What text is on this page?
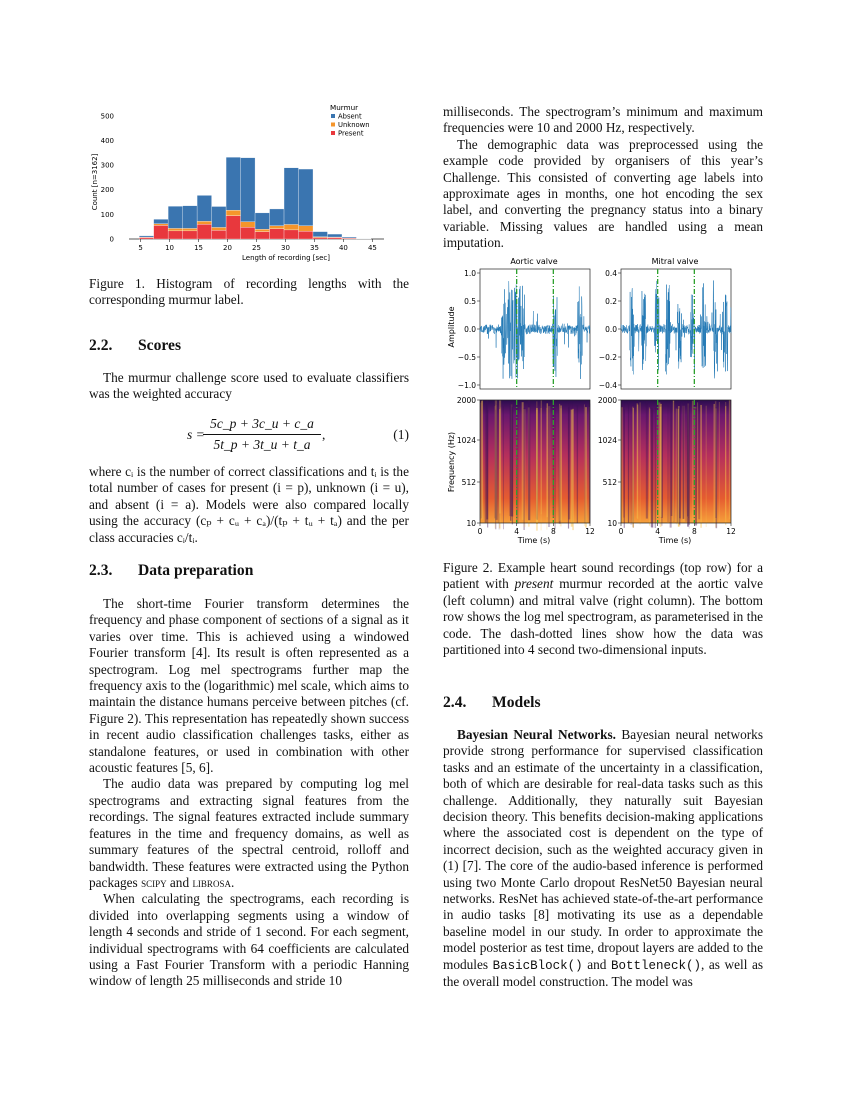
5	10	15	20	25	30	35	40	45
0
100
200
300
400
500
Murmur
Absent
Unknown
Present
Length of recording [sec]
Count [n=3162]
Figure 1. Histogram of recording lengths with the corresponding murmur label.
2.2. Scores

The murmur challenge score used to evaluate classifiers was the weighted accuracy

s =
5c_p + 3c_u + c_a
5t_p + 3t_u + t_a
,	(1)

where cᵢ is the number of correct classifications and tᵢ is the total number of cases for present (i = p), unknown (i = u), and absent (i = a). Models were also compared locally using the accuracy (cₚ + cᵤ + cₐ)/(tₚ + tᵤ + tₐ) and the per class accuracies cᵢ/tᵢ.

2.3. Data preparation

The short-time Fourier transform determines the frequency and phase component of sections of a signal as it varies over time. This is achieved using a windowed Fourier transform [4]. Its result is often represented as a spectrogram. Log mel spectrograms further map the frequency axis to the (logarithmic) mel scale, which aims to maintain the distance humans perceive between pitches (cf. Figure 2). This representation has repeatedly shown success in recent audio classification challenges tasks, either as standalone features, or used in combination with other acoustic features [5, 6].

The audio data was prepared by computing log mel spectrograms and extracting signal features from the recordings. The signal features extracted include summary features in the time and frequency domains, as well as summary features of the spectral centroid, rolloff and bandwidth. These features were extracted using the Python packages scipy and librosa.

When calculating the spectrograms, each recording is divided into overlapping segments using a window of length 4 seconds and stride of 1 second. For each segment, individual spectrograms with 64 coefficients are calculated using a Fast Fourier Transform with a periodic Hanning window of length 25 milliseconds and stride 10

milliseconds. The spectrogram’s minimum and maximum frequencies were 10 and 2000 Hz, respectively.

The demographic data was preprocessed using the example code provided by organisers of this year’s Challenge. This consisted of converting age labels into approximate ages in months, one hot encoding the sex label, and converting the pregnancy status into a binary variable. Missing values are handled using a mean imputation.

1.0
0.5
0.0
−0.5
−1.0
2000
1024
512
10
0	4	8	12
0.4
0.2
0.0
−0.2
−0.4
2000
1024
512
10
0	4	8	12
Aortic valve	Mitral valve
Amplitude
Frequency (Hz)
Time (s)	Time (s)
Figure 2. Example heart sound recordings (top row) for a patient with present murmur recorded at the aortic valve (left column) and mitral valve (right column). The bottom row shows the log mel spectrogram, as parameterised in the code. The dash-dotted lines show how the data was partitioned into 4 second two-dimensional inputs.
2.4. Models

Bayesian Neural Networks. Bayesian neural networks provide strong performance for supervised classification tasks and an estimate of the uncertainty in a classification, both of which are desirable for real-data tasks such as this challenge. Additionally, they naturally suit Bayesian decision theory. This benefits decision-making applications where the associated cost is dependent on the type of incorrect decision, such as the weighted accuracy given in (1) [7]. The core of the audio-based inference is performed using two Monte Carlo dropout ResNet50 Bayesian neural networks. ResNet has achieved state-of-the-art performance in audio tasks [8] motivating its use as a dependable baseline model in our study. In order to approximate the model posterior as test time, dropout layers are added to the modules BasicBlock() and Bottleneck(), as well as the overall model construction. The model was
